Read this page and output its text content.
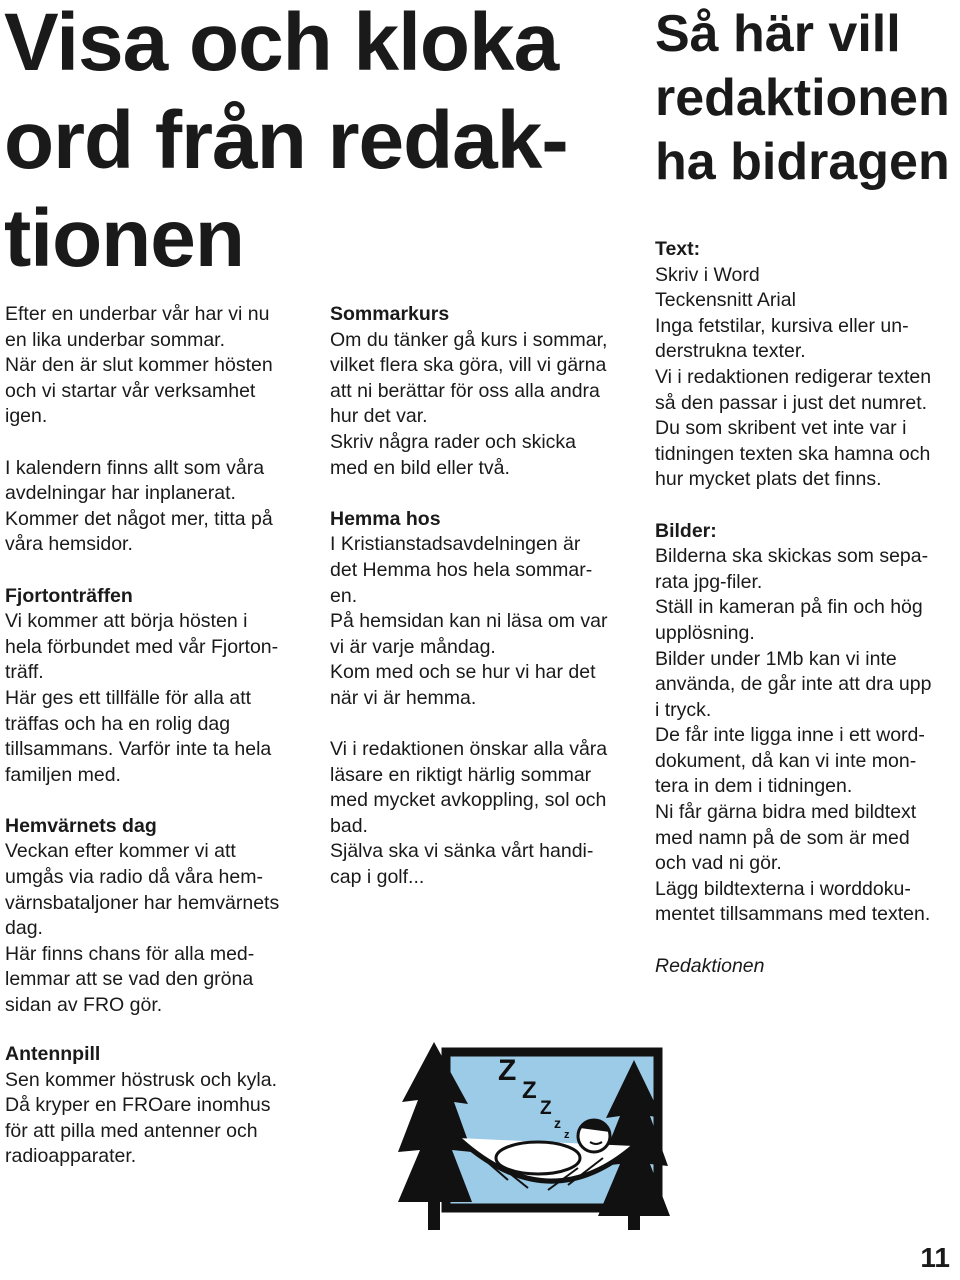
Visa och kloka
ord från redak-
tionen
Så här vill
redaktionen
ha bidragen
Efter en underbar vår har vi nu
en lika underbar sommar.
När den är slut kommer hösten
och vi startar vår verksamhet
igen.
I kalendern finns allt som våra
avdelningar har inplanerat.
Kommer det något mer, titta på
våra hemsidor.
Fjortonträffen
Vi kommer att börja hösten i
hela förbundet med vår Fjorton-
träff.
Här ges ett tillfälle för alla att
träffas och ha en rolig dag
tillsammans. Varför inte ta hela
familjen med.
Hemvärnets dag
Veckan efter kommer vi att
umgås via radio då våra hem-
värnsbataljoner har hemvärnets
dag.
Här finns chans för alla med-
lemmar att se vad den gröna
sidan av FRO gör.
Antennpill
Sen kommer höstrusk och kyla.
Då kryper en FROare inomhus
för att pilla med antenner och
radioapparater.
Sommarkurs
Om du tänker gå kurs i sommar,
vilket flera ska göra, vill vi gärna
att ni berättar för oss alla andra
hur det var.
Skriv några rader och skicka
med en bild eller två.
Hemma hos
I Kristianstadsavdelningen är
det Hemma hos hela sommar-
en.
På hemsidan kan ni läsa om var
vi är varje måndag.
Kom med och se hur vi har det
när vi är hemma.
Vi i redaktionen önskar alla våra
läsare en riktigt härlig sommar
med mycket avkoppling, sol och
bad.
Själva ska vi sänka vårt handi-
cap i golf...
Text:
Skriv i Word
Teckensnitt Arial
Inga fetstilar, kursiva eller un-
derstrukna texter.
Vi i redaktionen redigerar texten
så den passar i just det numret.
Du som skribent vet inte var i
tidningen texten ska hamna och
hur mycket plats det finns.
Bilder:
Bilderna ska skickas som sepa-
rata jpg-filer.
Ställ in kameran på fin och hög
upplösning.
Bilder under 1Mb kan vi inte
använda, de går inte att dra upp
i tryck.
De får inte ligga inne i ett word-
dokument, då kan vi inte mon-
tera in dem i tidningen.
Ni får gärna bidra med bildtext
med namn på de som är med
och vad ni gör.
Lägg bildtexterna i worddoku-
mentet tillsammans med texten.
Redaktionen
Z
Z
Z
z
z
11
